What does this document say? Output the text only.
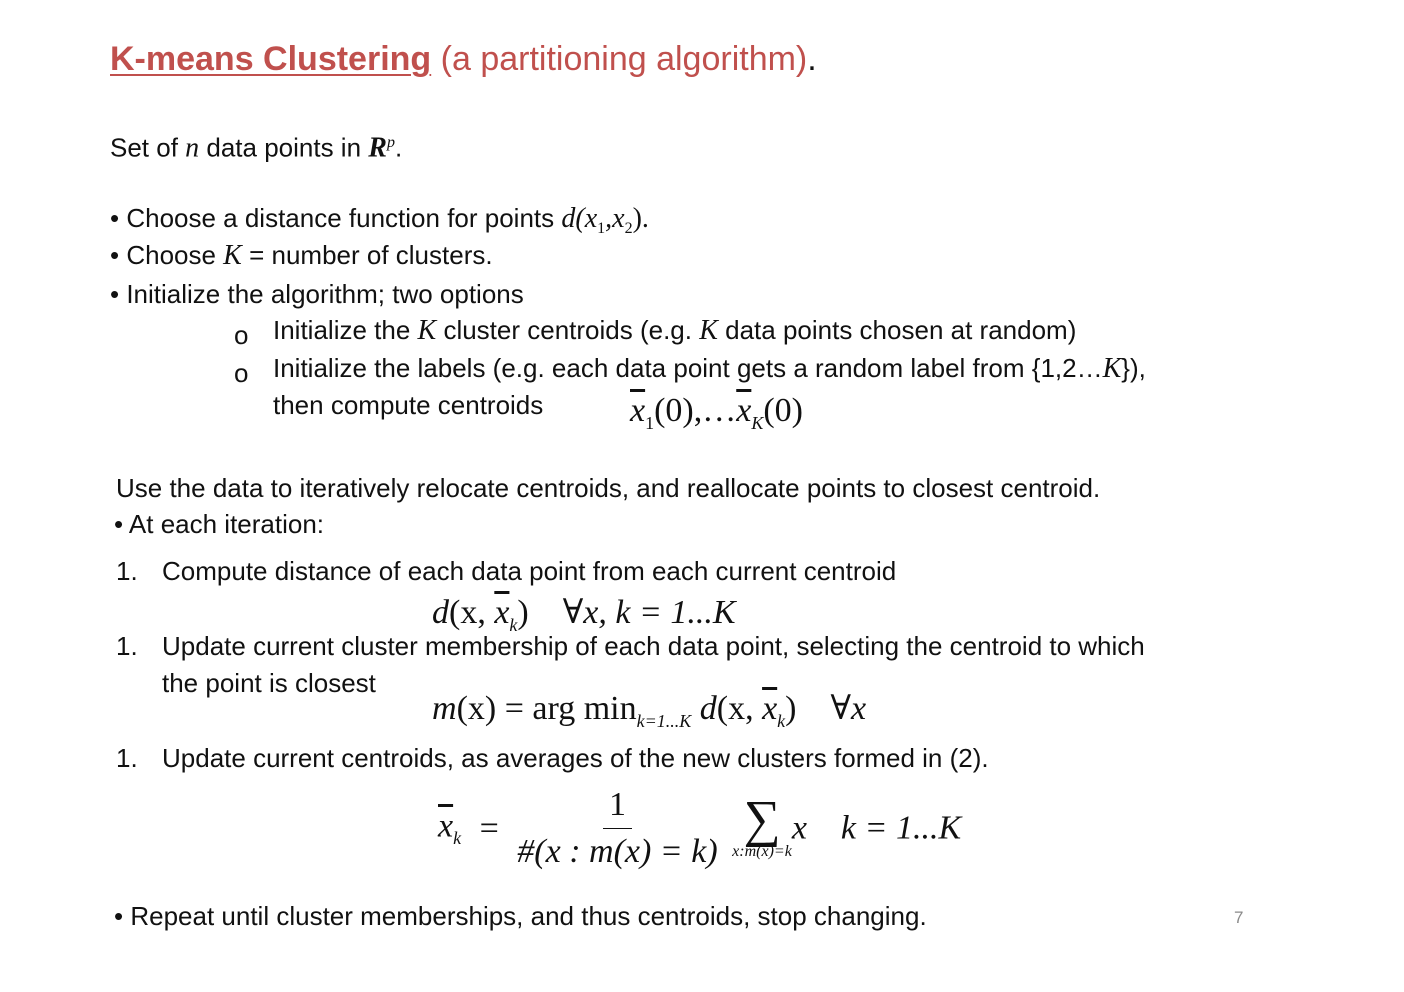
K-means Clustering (a partitioning algorithm).
Set of n data points in $R^p$.
• Choose a distance function for points $d(x_1,x_2)$.
• Choose K = number of clusters.
• Initialize the algorithm; two options
o Initialize the K cluster centroids (e.g. K data points chosen at random)
o Initialize the labels (e.g. each data point gets a random label from {1,2…K}),
then compute centroids	$\overline{x}_1(0),\dots\overline{x}_K(0)$
Use the data to iteratively relocate centroids, and reallocate points to closest centroid.
• At each iteration:
1. Compute distance of each data point from each current centroid
d(x, $\overline{x}_k$) ∀x, k = 1...K
1. Update current cluster membership of each data point, selecting the centroid to which
the point is closest
m(x) = arg $\min_{k=1...K} d(x$, $\overline{x}_k$) ∀x
1. Update current centroids, as averages of the new clusters formed in (2).
$\overline{x}_k = \frac{1}{\#(x : m(x) = k)}$
∑
x:m(x)=k
x k = 1...K
• Repeat until cluster memberships, and thus centroids, stop changing.	7
